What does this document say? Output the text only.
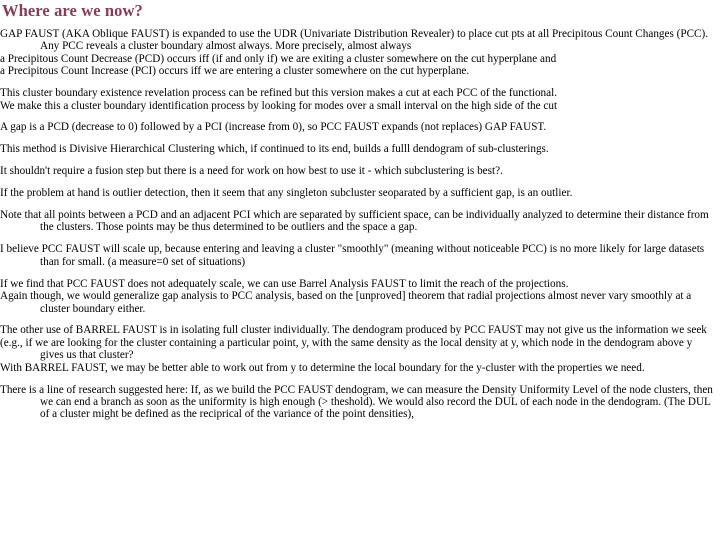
Where are we now?
GAP FAUST (AKA Oblique FAUST) is expanded to use the UDR (Univariate Distribution Revealer) to place cut pts at all Precipitous Count Changes (PCC). Any PCC reveals a cluster boundary almost always. More precisely, almost always
a Precipitous Count Decrease (PCD) occurs iff (if and only if) we are exiting a cluster somewhere on the cut hyperplane and
a Precipitous Count Increase (PCI) occurs iff we are entering a cluster somewhere on the cut hyperplane.
This cluster boundary existence revelation process can be refined but this version makes a cut at each PCC of the functional.
We make this a cluster boundary identification process by looking for modes over a small interval on the high side of the cut
A gap is a PCD (decrease to 0) followed by a PCI (increase from 0), so PCC FAUST expands (not replaces) GAP FAUST.
This method is Divisive Hierarchical Clustering which, if continued to its end, builds a fulll dendogram of sub-clusterings.
It shouldn't require a fusion step but there is a need for work on how best to use it - which subclustering is best?.
If the problem at hand is outlier detection, then it seem that any singleton subcluster seoparated by a sufficient gap, is an outlier.
Note that all points between a PCD and an adjacent PCI which are separated by sufficient space, can be individually analyzed to determine their distance from the clusters. Those points may be thus determined to be outliers and the space a gap.
I believe PCC FAUST will scale up, because entering and leaving a cluster "smoothly" (meaning without noticeable PCC) is no more likely for large datasets than for small. (a measure=0 set of situations)
If we find that PCC FAUST does not adequately scale, we can use Barrel Analysis FAUST to limit the reach of the projections.
Again though, we would generalize gap analysis to PCC analysis, based on the [unproved] theorem that radial projections almost never vary smoothly at a cluster boundary either.
The other use of BARREL FAUST is in isolating full cluster individually. The dendogram produced by PCC FAUST may not give us the information we seek
(e.g., if we are looking for the cluster containing a particular point, y, with the same density as the local density at y, which node in the dendogram above y gives us that cluster?
With BARREL FAUST, we may be better able to work out from y to determine the local boundary for the y-cluster with the properties we need.
There is a line of research suggested here: If, as we build the PCC FAUST dendogram, we can measure the Density Uniformity Level of the node clusters, then we can end a branch as soon as the uniformity is high enough (> theshold). We would also record the DUL of each node in the dendogram. (The DUL of a cluster might be defined as the reciprical of the variance of the point densities),
